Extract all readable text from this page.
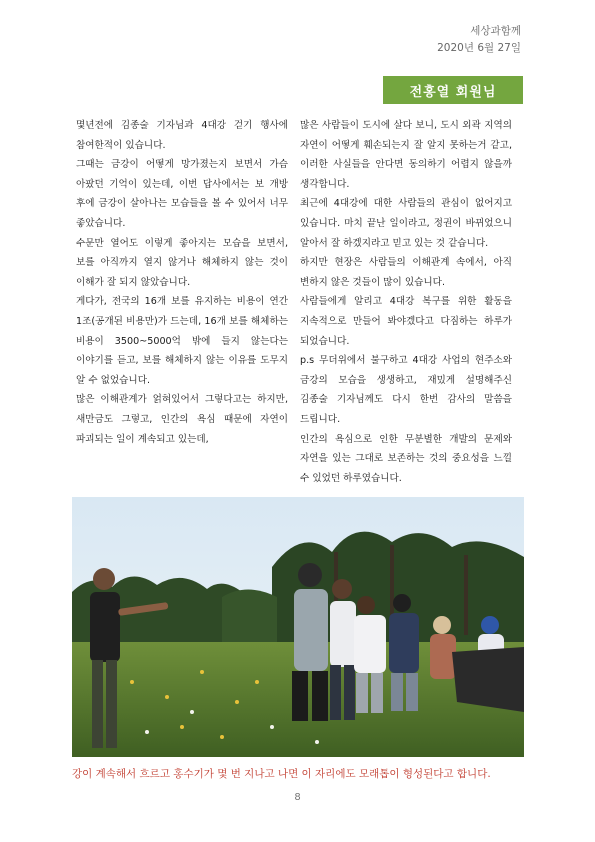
세상과함께
2020년 6월 27일
전홍열 회원님

몇년전에 김종술 기자님과 4대강 걷기 행사에 참여한적이 있습니다.

그때는 금강이 어떻게 망가졌는지 보면서 가슴 아팠던 기억이 있는데, 이번 답사에서는 보 개방 후에 금강이 살아나는 모습들을 볼 수 있어서 너무 좋았습니다.

수문만 열어도 이렇게 좋아지는 모습을 보면서, 보를 아직까지 열지 않거나 해체하지 않는 것이 이해가 잘 되지 않았습니다.

게다가, 전국의 16개 보를 유지하는 비용이 연간 1조(공개된 비용만)가 드는데, 16개 보를 해체하는 비용이 3500~5000억 밖에 들지 않는다는 이야기를 듣고, 보를 해체하지 않는 이유를 도무지 알 수 없었습니다.

많은 이해관계가 얽혀있어서 그렇다고는 하지만, 새만금도 그렇고, 인간의 욕심 때문에 자연이 파괴되는 일이 계속되고 있는데,

많은 사람들이 도시에 살다 보니, 도시 외곽 지역의 자연이 어떻게 훼손되는지 잘 알지 못하는거 같고, 이러한 사실들을 안다면 동의하기 어렵지 않을까 생각합니다.

최근에 4대강에 대한 사람들의 관심이 없어지고 있습니다. 마치 끝난 일이라고, 정권이 바뀌었으니 알아서 잘 하겠지라고 믿고 있는 것 같습니다.

하지만 현장은 사람들의 이해관계 속에서, 아직 변하지 않은 것들이 많이 있습니다.

사람들에게 알리고 4대강 복구를 위한 활동을 지속적으로 만들어 봐야겠다고 다짐하는 하루가 되었습니다.

p.s 무더위에서 불구하고 4대강 사업의 현주소와 금강의 모습을 생생하고, 재밌게 설명해주신 김종술 기자님께도 다시 한번 감사의 말씀을 드립니다.

인간의 욕심으로 인한 무분별한 개발의 문제와 자연을 있는 그대로 보존하는 것의 중요성을 느낄 수 있었던 하루였습니다.

강이 계속해서 흐르고 홍수기가 몇 번 지나고 나면 이 자리에도 모래톱이 형성된다고 합니다.
8
